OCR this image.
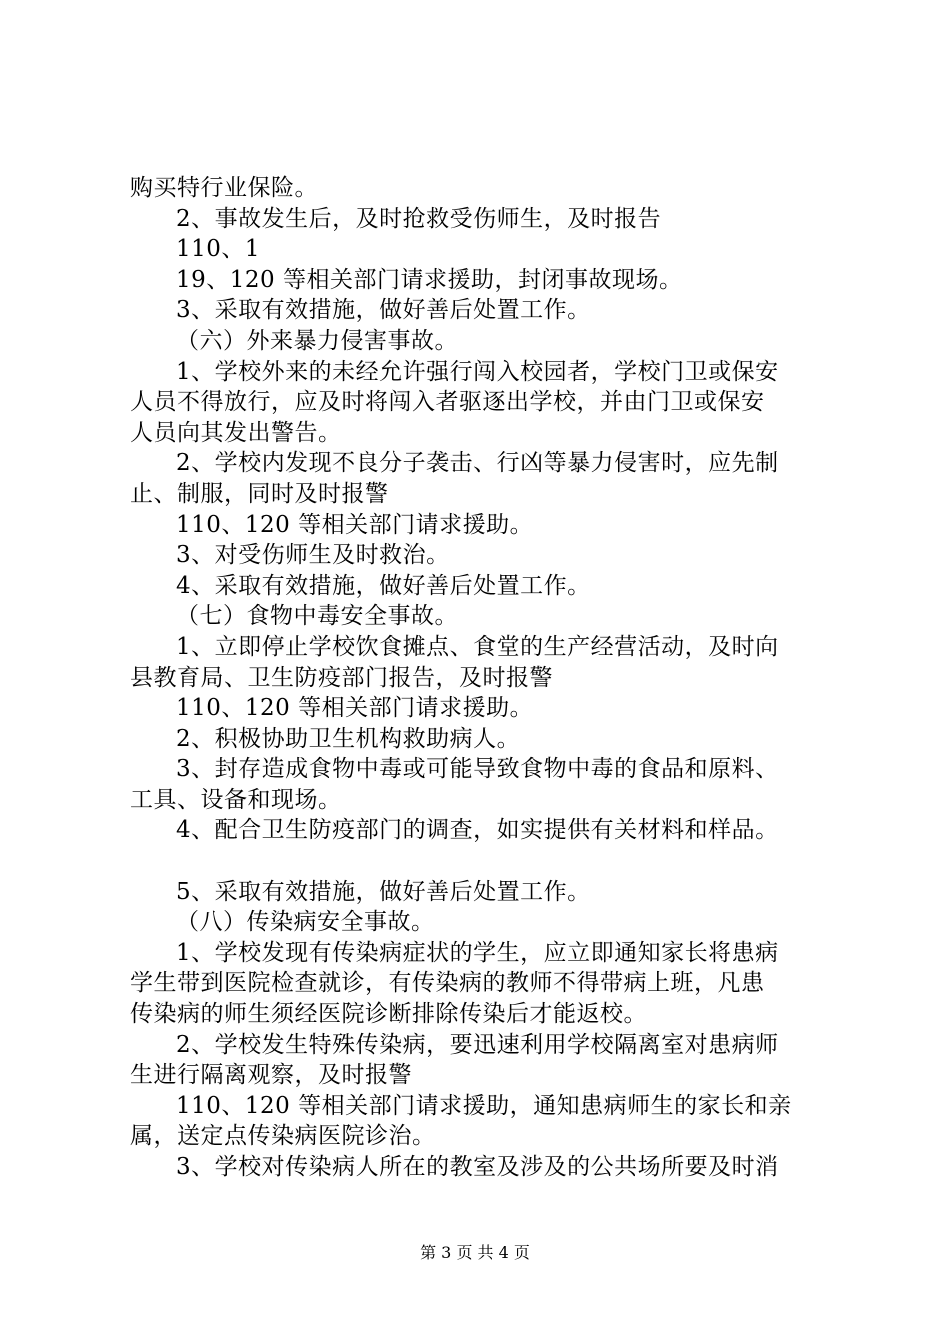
购买特行业保险。
2、事故发生后，及时抢救受伤师生，及时报告
110、1
19、120 等相关部门请求援助，封闭事故现场。
3、采取有效措施，做好善后处置工作。
（六）外来暴力侵害事故。
1、学校外来的未经允许强行闯入校园者，学校门卫或保安
人员不得放行，应及时将闯入者驱逐出学校，并由门卫或保安
人员向其发出警告。
2、学校内发现不良分子袭击、行凶等暴力侵害时，应先制
止、制服，同时及时报警
110、120 等相关部门请求援助。
3、对受伤师生及时救治。
4、采取有效措施，做好善后处置工作。
（七）食物中毒安全事故。
1、立即停止学校饮食摊点、食堂的生产经营活动，及时向
县教育局、卫生防疫部门报告，及时报警
110、120 等相关部门请求援助。
2、积极协助卫生机构救助病人。
3、封存造成食物中毒或可能导致食物中毒的食品和原料、
工具、设备和现场。
4、配合卫生防疫部门的调查，如实提供有关材料和样品。
5、采取有效措施，做好善后处置工作。
（八）传染病安全事故。
1、学校发现有传染病症状的学生，应立即通知家长将患病
学生带到医院检查就诊，有传染病的教师不得带病上班，凡患
传染病的师生须经医院诊断排除传染后才能返校。
2、学校发生特殊传染病，要迅速利用学校隔离室对患病师
生进行隔离观察，及时报警
110、120 等相关部门请求援助，通知患病师生的家长和亲
属，送定点传染病医院诊治。
3、学校对传染病人所在的教室及涉及的公共场所要及时消
第 3 页 共 4 页
